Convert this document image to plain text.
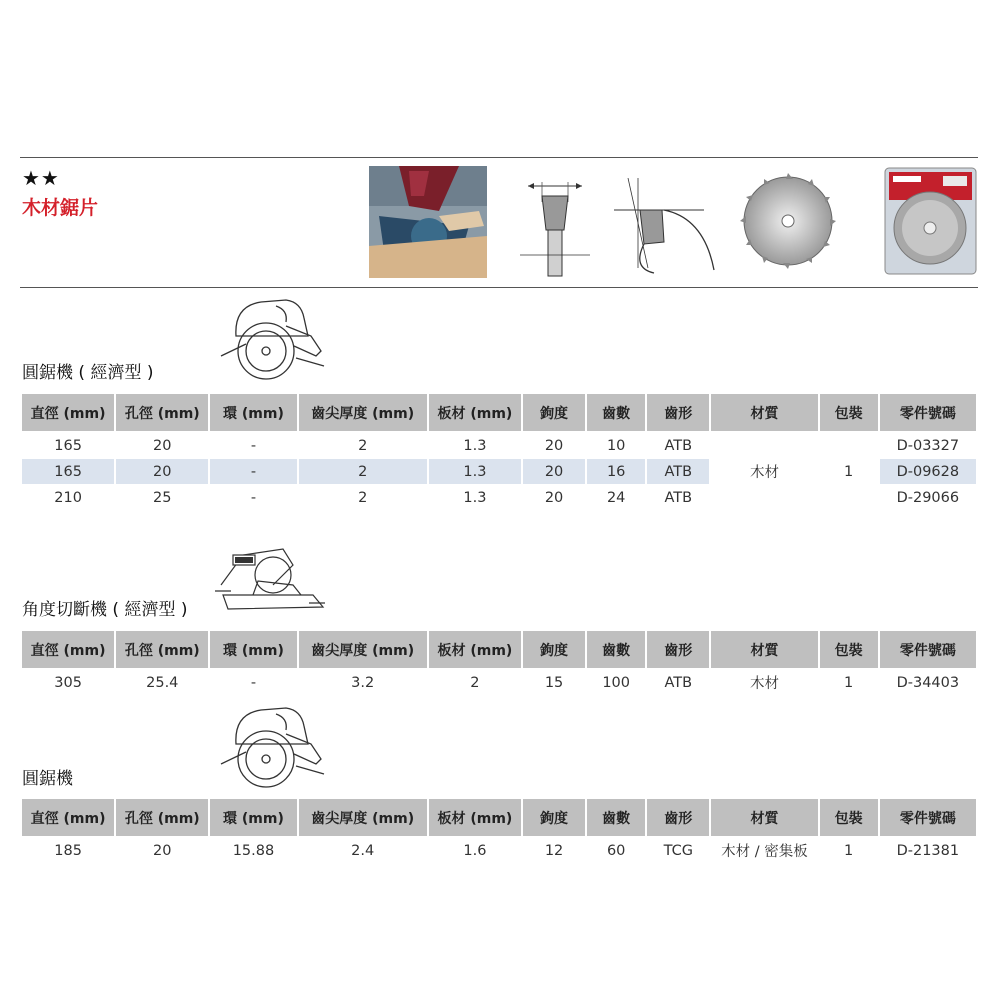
★★
木材鋸片
圓鋸機 ( 經濟型 )
直徑 (mm)	孔徑 (mm)	環 (mm)	齒尖厚度 (mm)	板材 (mm)	鉤度	齒數	齒形	材質	包裝	零件號碼
165	20	-	2	1.3	20	10	ATB	木材	1	D-03327
165	20	-	2	1.3	20	16	ATB			D-09628
210	25	-	2	1.3	20	24	ATB			D-29066
角度切斷機 ( 經濟型 )
直徑 (mm)	孔徑 (mm)	環 (mm)	齒尖厚度 (mm)	板材 (mm)	鉤度	齒數	齒形	材質	包裝	零件號碼
305	25.4	-	3.2	2	15	100	ATB	木材	1	D-34403
圓鋸機
直徑 (mm)	孔徑 (mm)	環 (mm)	齒尖厚度 (mm)	板材 (mm)	鉤度	齒數	齒形	材質	包裝	零件號碼
185	20	15.88	2.4	1.6	12	60	TCG	木材 / 密集板	1	D-21381
